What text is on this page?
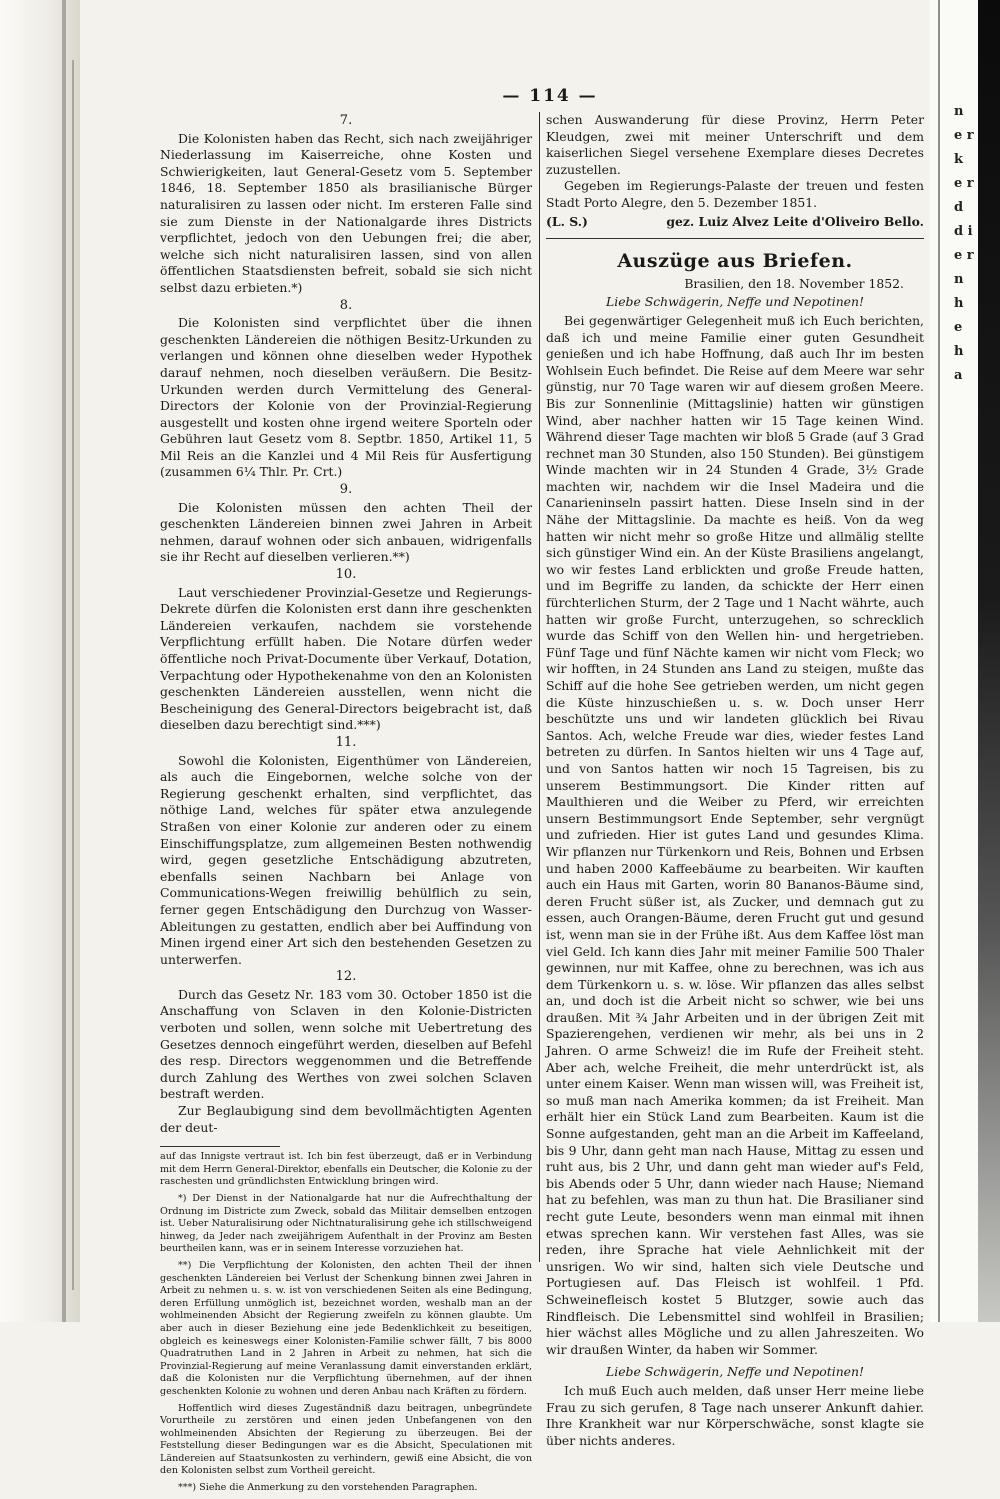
n e r k e r d d i e r n h e h a
— 114 —

7.

Die Kolonisten haben das Recht, sich nach zweijähriger Niederlassung im Kaiserreiche, ohne Kosten und Schwierigkeiten, laut General-Gesetz vom 5. September 1846, 18. September 1850 als brasilianische Bürger naturalisiren zu lassen oder nicht. Im ersteren Falle sind sie zum Dienste in der Nationalgarde ihres Districts verpflichtet, jedoch von den Uebungen frei; die aber, welche sich nicht naturalisiren lassen, sind von allen öffentlichen Staatsdiensten befreit, sobald sie sich nicht selbst dazu erbieten.*)

8.

Die Kolonisten sind verpflichtet über die ihnen geschenkten Ländereien die nöthigen Besitz-Urkunden zu verlangen und können ohne dieselben weder Hypothek darauf nehmen, noch dieselben veräußern. Die Besitz-Urkunden werden durch Vermittelung des General-Directors der Kolonie von der Provinzial-Regierung ausgestellt und kosten ohne irgend weitere Sporteln oder Gebühren laut Gesetz vom 8. Septbr. 1850, Artikel 11, 5 Mil Reis an die Kanzlei und 4 Mil Reis für Ausfertigung (zusammen 6¼ Thlr. Pr. Crt.)

9.

Die Kolonisten müssen den achten Theil der geschenkten Ländereien binnen zwei Jahren in Arbeit nehmen, darauf wohnen oder sich anbauen, widrigenfalls sie ihr Recht auf dieselben verlieren.**)

10.

Laut verschiedener Provinzial-Gesetze und Regierungs-Dekrete dürfen die Kolonisten erst dann ihre geschenkten Ländereien verkaufen, nachdem sie vorstehende Verpflichtung erfüllt haben. Die Notare dürfen weder öffentliche noch Privat-Documente über Verkauf, Dotation, Verpachtung oder Hypothekenahme von den an Kolonisten geschenkten Ländereien ausstellen, wenn nicht die Bescheinigung des General-Directors beigebracht ist, daß dieselben dazu berechtigt sind.***)

11.

Sowohl die Kolonisten, Eigenthümer von Ländereien, als auch die Eingebornen, welche solche von der Regierung geschenkt erhalten, sind verpflichtet, das nöthige Land, welches für später etwa anzulegende Straßen von einer Kolonie zur anderen oder zu einem Einschiffungsplatze, zum allgemeinen Besten nothwendig wird, gegen gesetzliche Entschädigung abzutreten, ebenfalls seinen Nachbarn bei Anlage von Communications-Wegen freiwillig behülflich zu sein, ferner gegen Entschädigung den Durchzug von Wasser-Ableitungen zu gestatten, endlich aber bei Auffindung von Minen irgend einer Art sich den bestehenden Gesetzen zu unterwerfen.

12.

Durch das Gesetz Nr. 183 vom 30. October 1850 ist die Anschaffung von Sclaven in den Kolonie-Districten verboten und sollen, wenn solche mit Uebertretung des Gesetzes dennoch eingeführt werden, dieselben auf Befehl des resp. Directors weggenommen und die Betreffende durch Zahlung des Werthes von zwei solchen Sclaven bestraft werden.

Zur Beglaubigung sind dem bevollmächtigten Agenten der deut-

auf das Innigste vertraut ist. Ich bin fest überzeugt, daß er in Verbindung mit dem Herrn General-Direktor, ebenfalls ein Deutscher, die Kolonie zu der raschesten und gründlichsten Entwicklung bringen wird.

*) Der Dienst in der Nationalgarde hat nur die Aufrechthaltung der Ordnung im Districte zum Zweck, sobald das Militair demselben entzogen ist. Ueber Naturalisirung oder Nichtnaturalisirung gehe ich stillschweigend hinweg, da Jeder nach zweijährigem Aufenthalt in der Provinz am Besten beurtheilen kann, was er in seinem Interesse vorzuziehen hat.

**) Die Verpflichtung der Kolonisten, den achten Theil der ihnen geschenkten Ländereien bei Verlust der Schenkung binnen zwei Jahren in Arbeit zu nehmen u. s. w. ist von verschiedenen Seiten als eine Bedingung, deren Erfüllung unmöglich ist, bezeichnet worden, weshalb man an der wohlmeinenden Absicht der Regierung zweifeln zu können glaubte. Um aber auch in dieser Beziehung eine jede Bedenklichkeit zu beseitigen, obgleich es keineswegs einer Kolonisten-Familie schwer fällt, 7 bis 8000 Quadratruthen Land in 2 Jahren in Arbeit zu nehmen, hat sich die Provinzial-Regierung auf meine Veranlassung damit einverstanden erklärt, daß die Kolonisten nur die Verpflichtung übernehmen, auf der ihnen geschenkten Kolonie zu wohnen und deren Anbau nach Kräften zu fördern.

Hoffentlich wird dieses Zugeständniß dazu beitragen, unbegründete Vorurtheile zu zerstören und einen jeden Unbefangenen von den wohlmeinenden Absichten der Regierung zu überzeugen. Bei der Feststellung dieser Bedingungen war es die Absicht, Speculationen mit Ländereien auf Staatsunkosten zu verhindern, gewiß eine Absicht, die von den Kolonisten selbst zum Vortheil gereicht.

***) Siehe die Anmerkung zu den vorstehenden Paragraphen.

schen Auswanderung für diese Provinz, Herrn Peter Kleudgen, zwei mit meiner Unterschrift und dem kaiserlichen Siegel versehene Exemplare dieses Decretes zuzustellen.

Gegeben im Regierungs-Palaste der treuen und festen Stadt Porto Alegre, den 5. Dezember 1851.

(L. S.)	gez. Luiz Alvez Leite d'Oliveiro Bello.

Auszüge aus Briefen.

Brasilien, den 18. November 1852.

Liebe Schwägerin, Neffe und Nepotinen!

Bei gegenwärtiger Gelegenheit muß ich Euch berichten, daß ich und meine Familie einer guten Gesundheit genießen und ich habe Hoffnung, daß auch Ihr im besten Wohlsein Euch befindet. Die Reise auf dem Meere war sehr günstig, nur 70 Tage waren wir auf diesem großen Meere. Bis zur Sonnenlinie (Mittagslinie) hatten wir günstigen Wind, aber nachher hatten wir 15 Tage keinen Wind. Während dieser Tage machten wir bloß 5 Grade (auf 3 Grad rechnet man 30 Stunden, also 150 Stunden). Bei günstigem Winde machten wir in 24 Stunden 4 Grade, 3½ Grade machten wir, nachdem wir die Insel Madeira und die Canarieninseln passirt hatten. Diese Inseln sind in der Nähe der Mittagslinie. Da machte es heiß. Von da weg hatten wir nicht mehr so große Hitze und allmälig stellte sich günstiger Wind ein. An der Küste Brasiliens angelangt, wo wir festes Land erblickten und große Freude hatten, und im Begriffe zu landen, da schickte der Herr einen fürchterlichen Sturm, der 2 Tage und 1 Nacht währte, auch hatten wir große Furcht, unterzugehen, so schrecklich wurde das Schiff von den Wellen hin- und hergetrieben. Fünf Tage und fünf Nächte kamen wir nicht vom Fleck; wo wir hofften, in 24 Stunden ans Land zu steigen, mußte das Schiff auf die hohe See getrieben werden, um nicht gegen die Küste hinzuschießen u. s. w. Doch unser Herr beschützte uns und wir landeten glücklich bei Rivau Santos. Ach, welche Freude war dies, wieder festes Land betreten zu dürfen. In Santos hielten wir uns 4 Tage auf, und von Santos hatten wir noch 15 Tagreisen, bis zu unserem Bestimmungsort. Die Kinder ritten auf Maulthieren und die Weiber zu Pferd, wir erreichten unsern Bestimmungsort Ende September, sehr vergnügt und zufrieden. Hier ist gutes Land und gesundes Klima. Wir pflanzen nur Türkenkorn und Reis, Bohnen und Erbsen und haben 2000 Kaffeebäume zu bearbeiten. Wir kauften auch ein Haus mit Garten, worin 80 Bananos-Bäume sind, deren Frucht süßer ist, als Zucker, und demnach gut zu essen, auch Orangen-Bäume, deren Frucht gut und gesund ist, wenn man sie in der Frühe ißt. Aus dem Kaffee löst man viel Geld. Ich kann dies Jahr mit meiner Familie 500 Thaler gewinnen, nur mit Kaffee, ohne zu berechnen, was ich aus dem Türkenkorn u. s. w. löse. Wir pflanzen das alles selbst an, und doch ist die Arbeit nicht so schwer, wie bei uns draußen. Mit ¾ Jahr Arbeiten und in der übrigen Zeit mit Spazierengehen, verdienen wir mehr, als bei uns in 2 Jahren. O arme Schweiz! die im Rufe der Freiheit steht. Aber ach, welche Freiheit, die mehr unterdrückt ist, als unter einem Kaiser. Wenn man wissen will, was Freiheit ist, so muß man nach Amerika kommen; da ist Freiheit. Man erhält hier ein Stück Land zum Bearbeiten. Kaum ist die Sonne aufgestanden, geht man an die Arbeit im Kaffeeland, bis 9 Uhr, dann geht man nach Hause, Mittag zu essen und ruht aus, bis 2 Uhr, und dann geht man wieder auf's Feld, bis Abends oder 5 Uhr, dann wieder nach Hause; Niemand hat zu befehlen, was man zu thun hat. Die Brasilianer sind recht gute Leute, besonders wenn man einmal mit ihnen etwas sprechen kann. Wir verstehen fast Alles, was sie reden, ihre Sprache hat viele Aehnlichkeit mit der unsrigen. Wo wir sind, halten sich viele Deutsche und Portugiesen auf. Das Fleisch ist wohlfeil. 1 Pfd. Schweinefleisch kostet 5 Blutzger, sowie auch das Rindfleisch. Die Lebensmittel sind wohlfeil in Brasilien; hier wächst alles Mögliche und zu allen Jahreszeiten. Wo wir draußen Winter, da haben wir Sommer.

Liebe Schwägerin, Neffe und Nepotinen!

Ich muß Euch auch melden, daß unser Herr meine liebe Frau zu sich gerufen, 8 Tage nach unserer Ankunft dahier. Ihre Krankheit war nur Körperschwäche, sonst klagte sie über nichts anderes.
